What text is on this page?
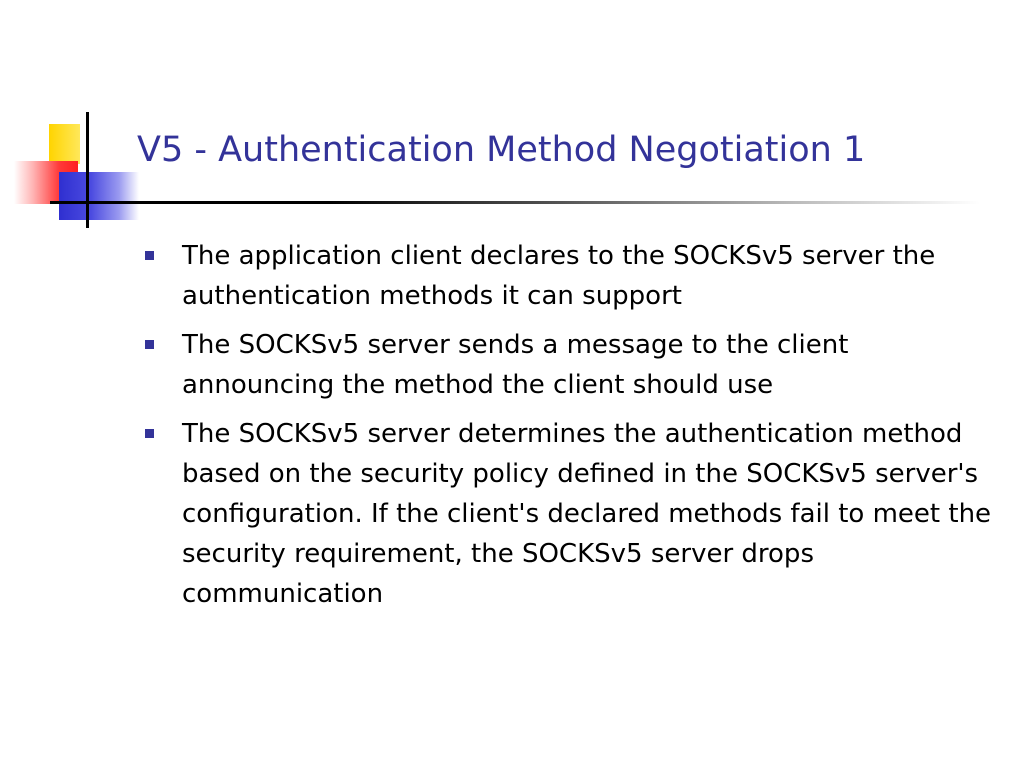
V5 - Authentication Method Negotiation 1
The application client declares to the SOCKSv5 server the authentication methods it can support
The SOCKSv5 server sends a message to the client announcing the method the client should use
The SOCKSv5 server determines the authentication method based on the security policy defined in the SOCKSv5 server's configuration. If the client's declared methods fail to meet the security requirement, the SOCKSv5 server drops communication
